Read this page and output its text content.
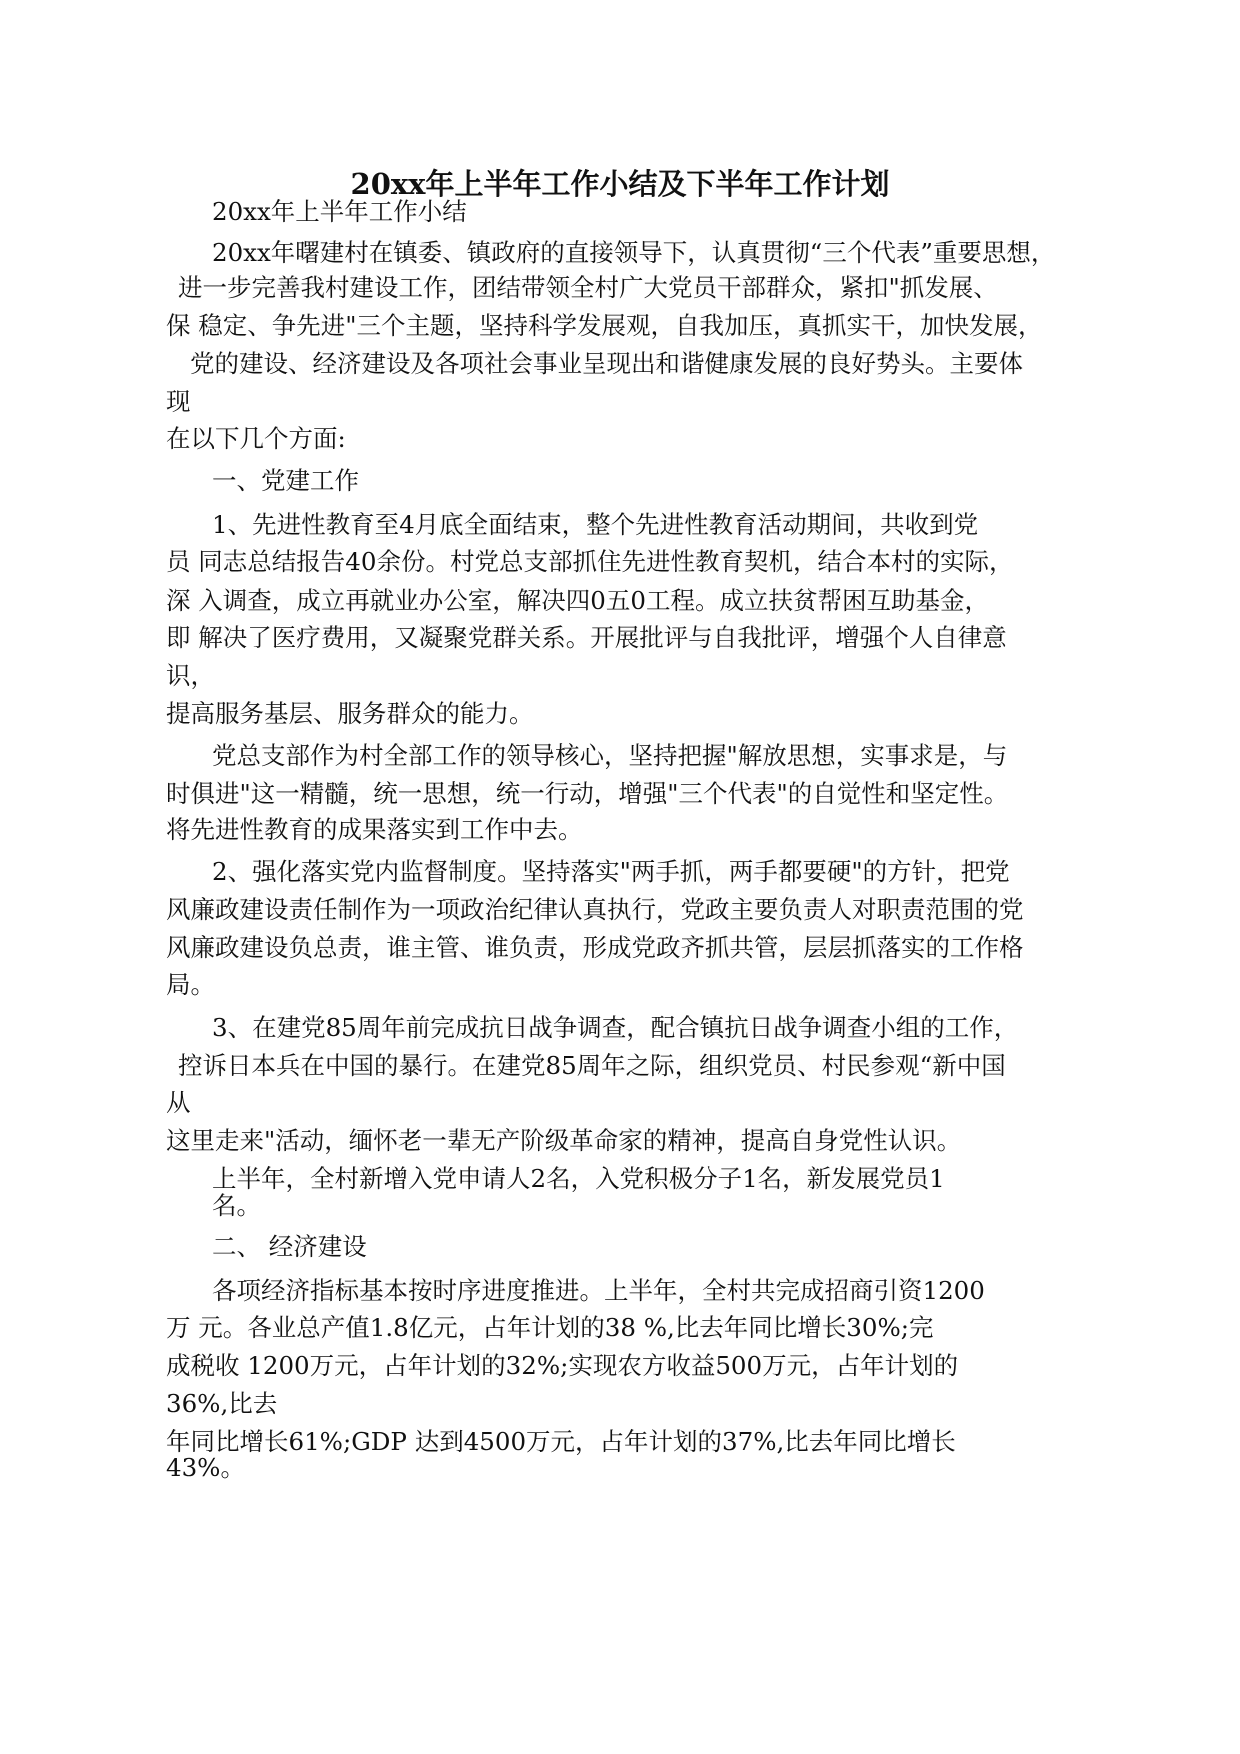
20xx年上半年工作小结及下半年工作计划
20xx年上半年工作小结
20xx年曙建村在镇委、镇政府的直接领导下，认真贯彻“三个代表”重要思想，
进一步完善我村建设工作，团结带领全村广大党员干部群众，紧扣"抓发展、
保 稳定、争先进"三个主题，坚持科学发展观，自我加压，真抓实干，加快发展，
党的建设、经济建设及各项社会事业呈现出和谐健康发展的良好势头。主要体
现
在以下几个方面:
一、党建工作
1、先进性教育至4月底全面结束，整个先进性教育活动期间，共收到党
员 同志总结报告40余份。村党总支部抓住先进性教育契机，结合本村的实际，
深 入调查，成立再就业办公室，解决四0五0工程。成立扶贫帮困互助基金，
即 解决了医疗费用，又凝聚党群关系。开展批评与自我批评，增强个人自律意
识，
提高服务基层、服务群众的能力。
党总支部作为村全部工作的领导核心，坚持把握"解放思想，实事求是，与
时俱进"这一精髓，统一思想，统一行动，增强"三个代表"的自觉性和坚定性。
将先进性教育的成果落实到工作中去。
2、强化落实党内监督制度。坚持落实"两手抓，两手都要硬"的方针，把党
风廉政建设责任制作为一项政治纪律认真执行，党政主要负责人对职责范围的党
风廉政建设负总责，谁主管、谁负责，形成党政齐抓共管，层层抓落实的工作格
局。
3、在建党85周年前完成抗日战争调查，配合镇抗日战争调查小组的工作，
控诉日本兵在中国的暴行。在建党85周年之际，组织党员、村民参观“新中国
从
这里走来"活动，缅怀老一辈无产阶级革命家的精神，提高自身党性认识。
上半年，全村新增入党申请人2名，入党积极分子1名，新发展党员1
名。
二、 经济建设
各项经济指标基本按时序进度推进。上半年，全村共完成招商引资1200
万 元。各业总产值1.8亿元，占年计划的38 %,比去年同比增长30%;完
成税收 1200万元，占年计划的32%;实现农方收益500万元，占年计划的
36%,比去
年同比增长61%;GDP 达到4500万元，占年计划的37%,比去年同比增长
43%。
